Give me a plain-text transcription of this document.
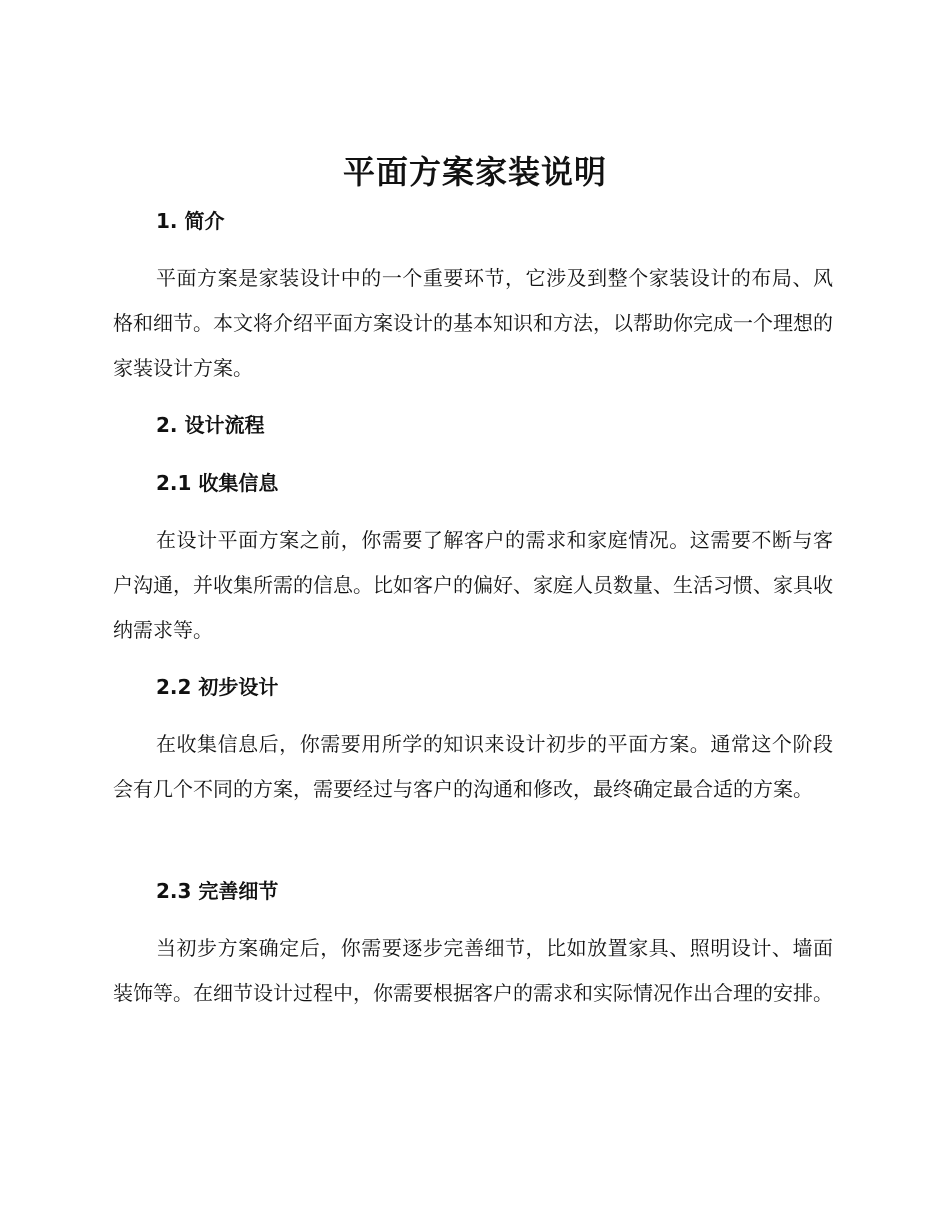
平面方案家装说明
1. 简介

平面方案是家装设计中的一个重要环节，它涉及到整个家装设计的布局、风格和细节。本文将介绍平面方案设计的基本知识和方法，以帮助你完成一个理想的家装设计方案。

2. 设计流程
2.1 收集信息

在设计平面方案之前，你需要了解客户的需求和家庭情况。这需要不断与客户沟通，并收集所需的信息。比如客户的偏好、家庭人员数量、生活习惯、家具收纳需求等。

2.2 初步设计

在收集信息后，你需要用所学的知识来设计初步的平面方案。通常这个阶段会有几个不同的方案，需要经过与客户的沟通和修改，最终确定最合适的方案。

2.3 完善细节

当初步方案确定后，你需要逐步完善细节，比如放置家具、照明设计、墙面装饰等。在细节设计过程中，你需要根据客户的需求和实际情况作出合理的安排。
